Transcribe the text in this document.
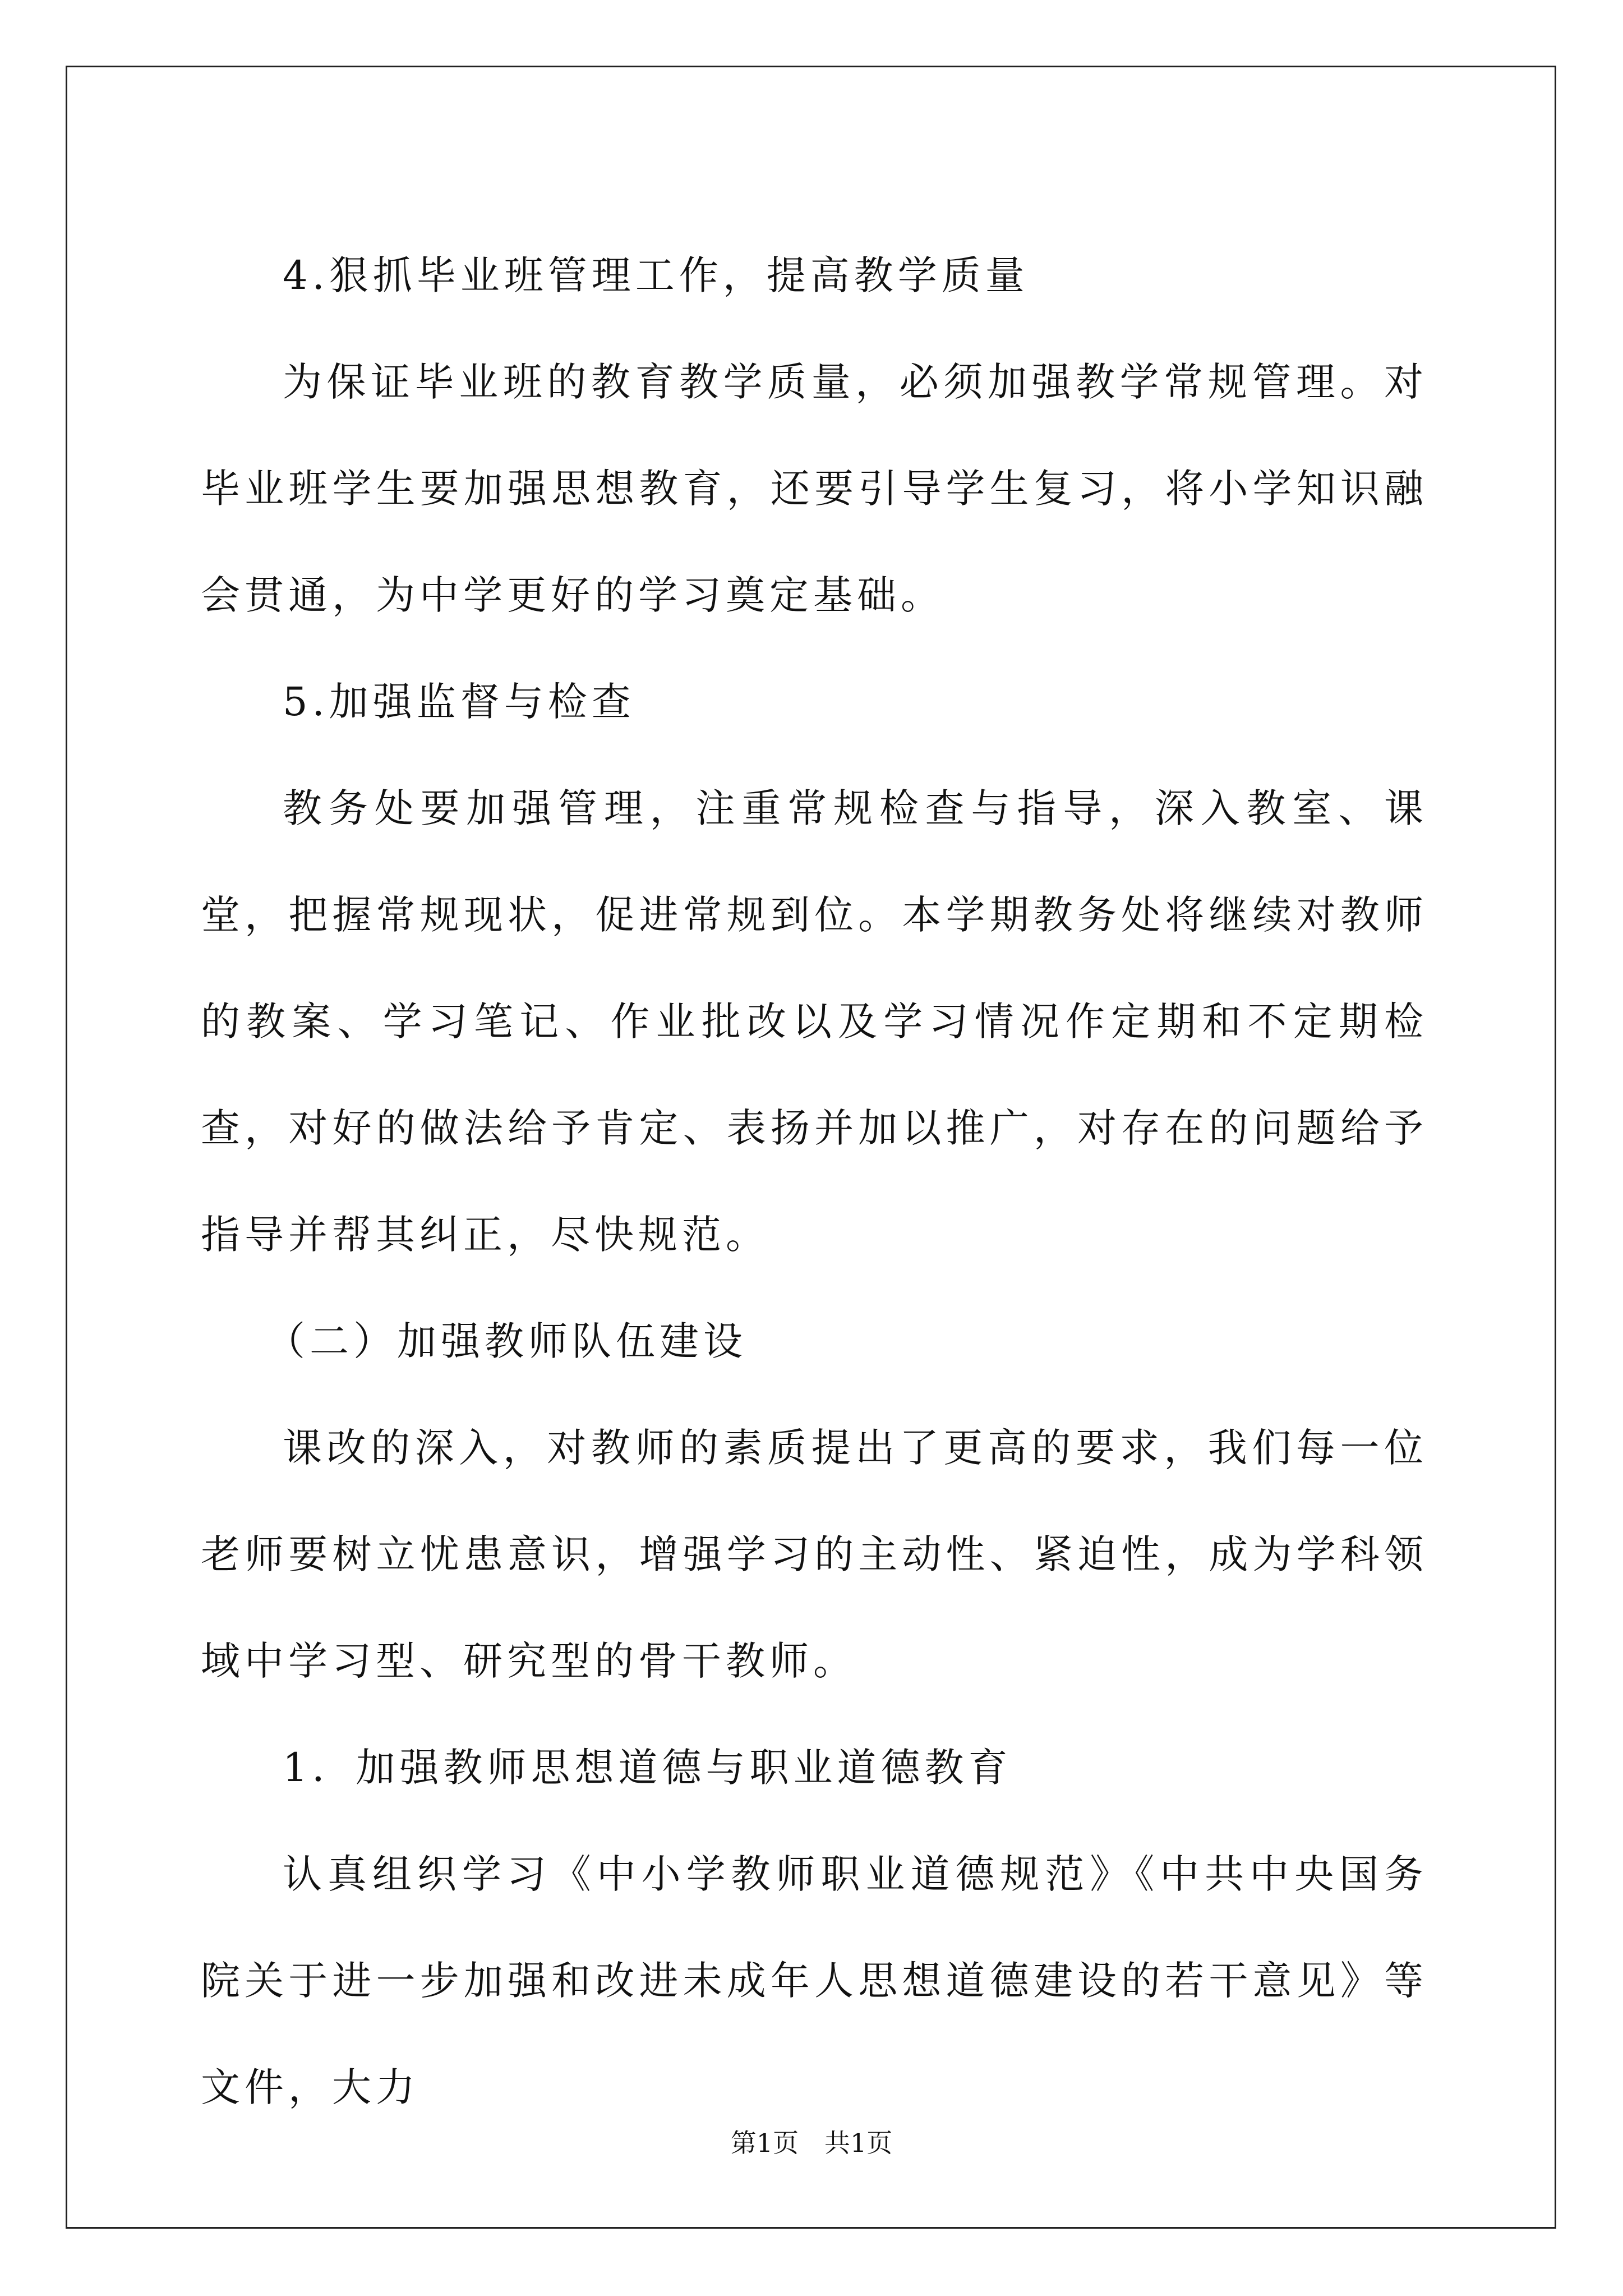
4.狠抓毕业班管理工作，提高教学质量

为保证毕业班的教育教学质量，必须加强教学常规管理。对毕业班学生要加强思想教育，还要引导学生复习，将小学知识融会贯通，为中学更好的学习奠定基础。

5.加强监督与检查

教务处要加强管理，注重常规检查与指导，深入教室、课堂，把握常规现状，促进常规到位。本学期教务处将继续对教师的教案、学习笔记、作业批改以及学习情况作定期和不定期检查，对好的做法给予肯定、表扬并加以推广，对存在的问题给予指导并帮其纠正，尽快规范。

（二）加强教师队伍建设

课改的深入，对教师的素质提出了更高的要求，我们每一位老师要树立忧患意识，增强学习的主动性、紧迫性，成为学科领域中学习型、研究型的骨干教师。

1．加强教师思想道德与职业道德教育

认真组织学习《中小学教师职业道德规范》《中共中央国务院关于进一步加强和改进未成年人思想道德建设的若干意见》等文件，大力

第1页　共1页
